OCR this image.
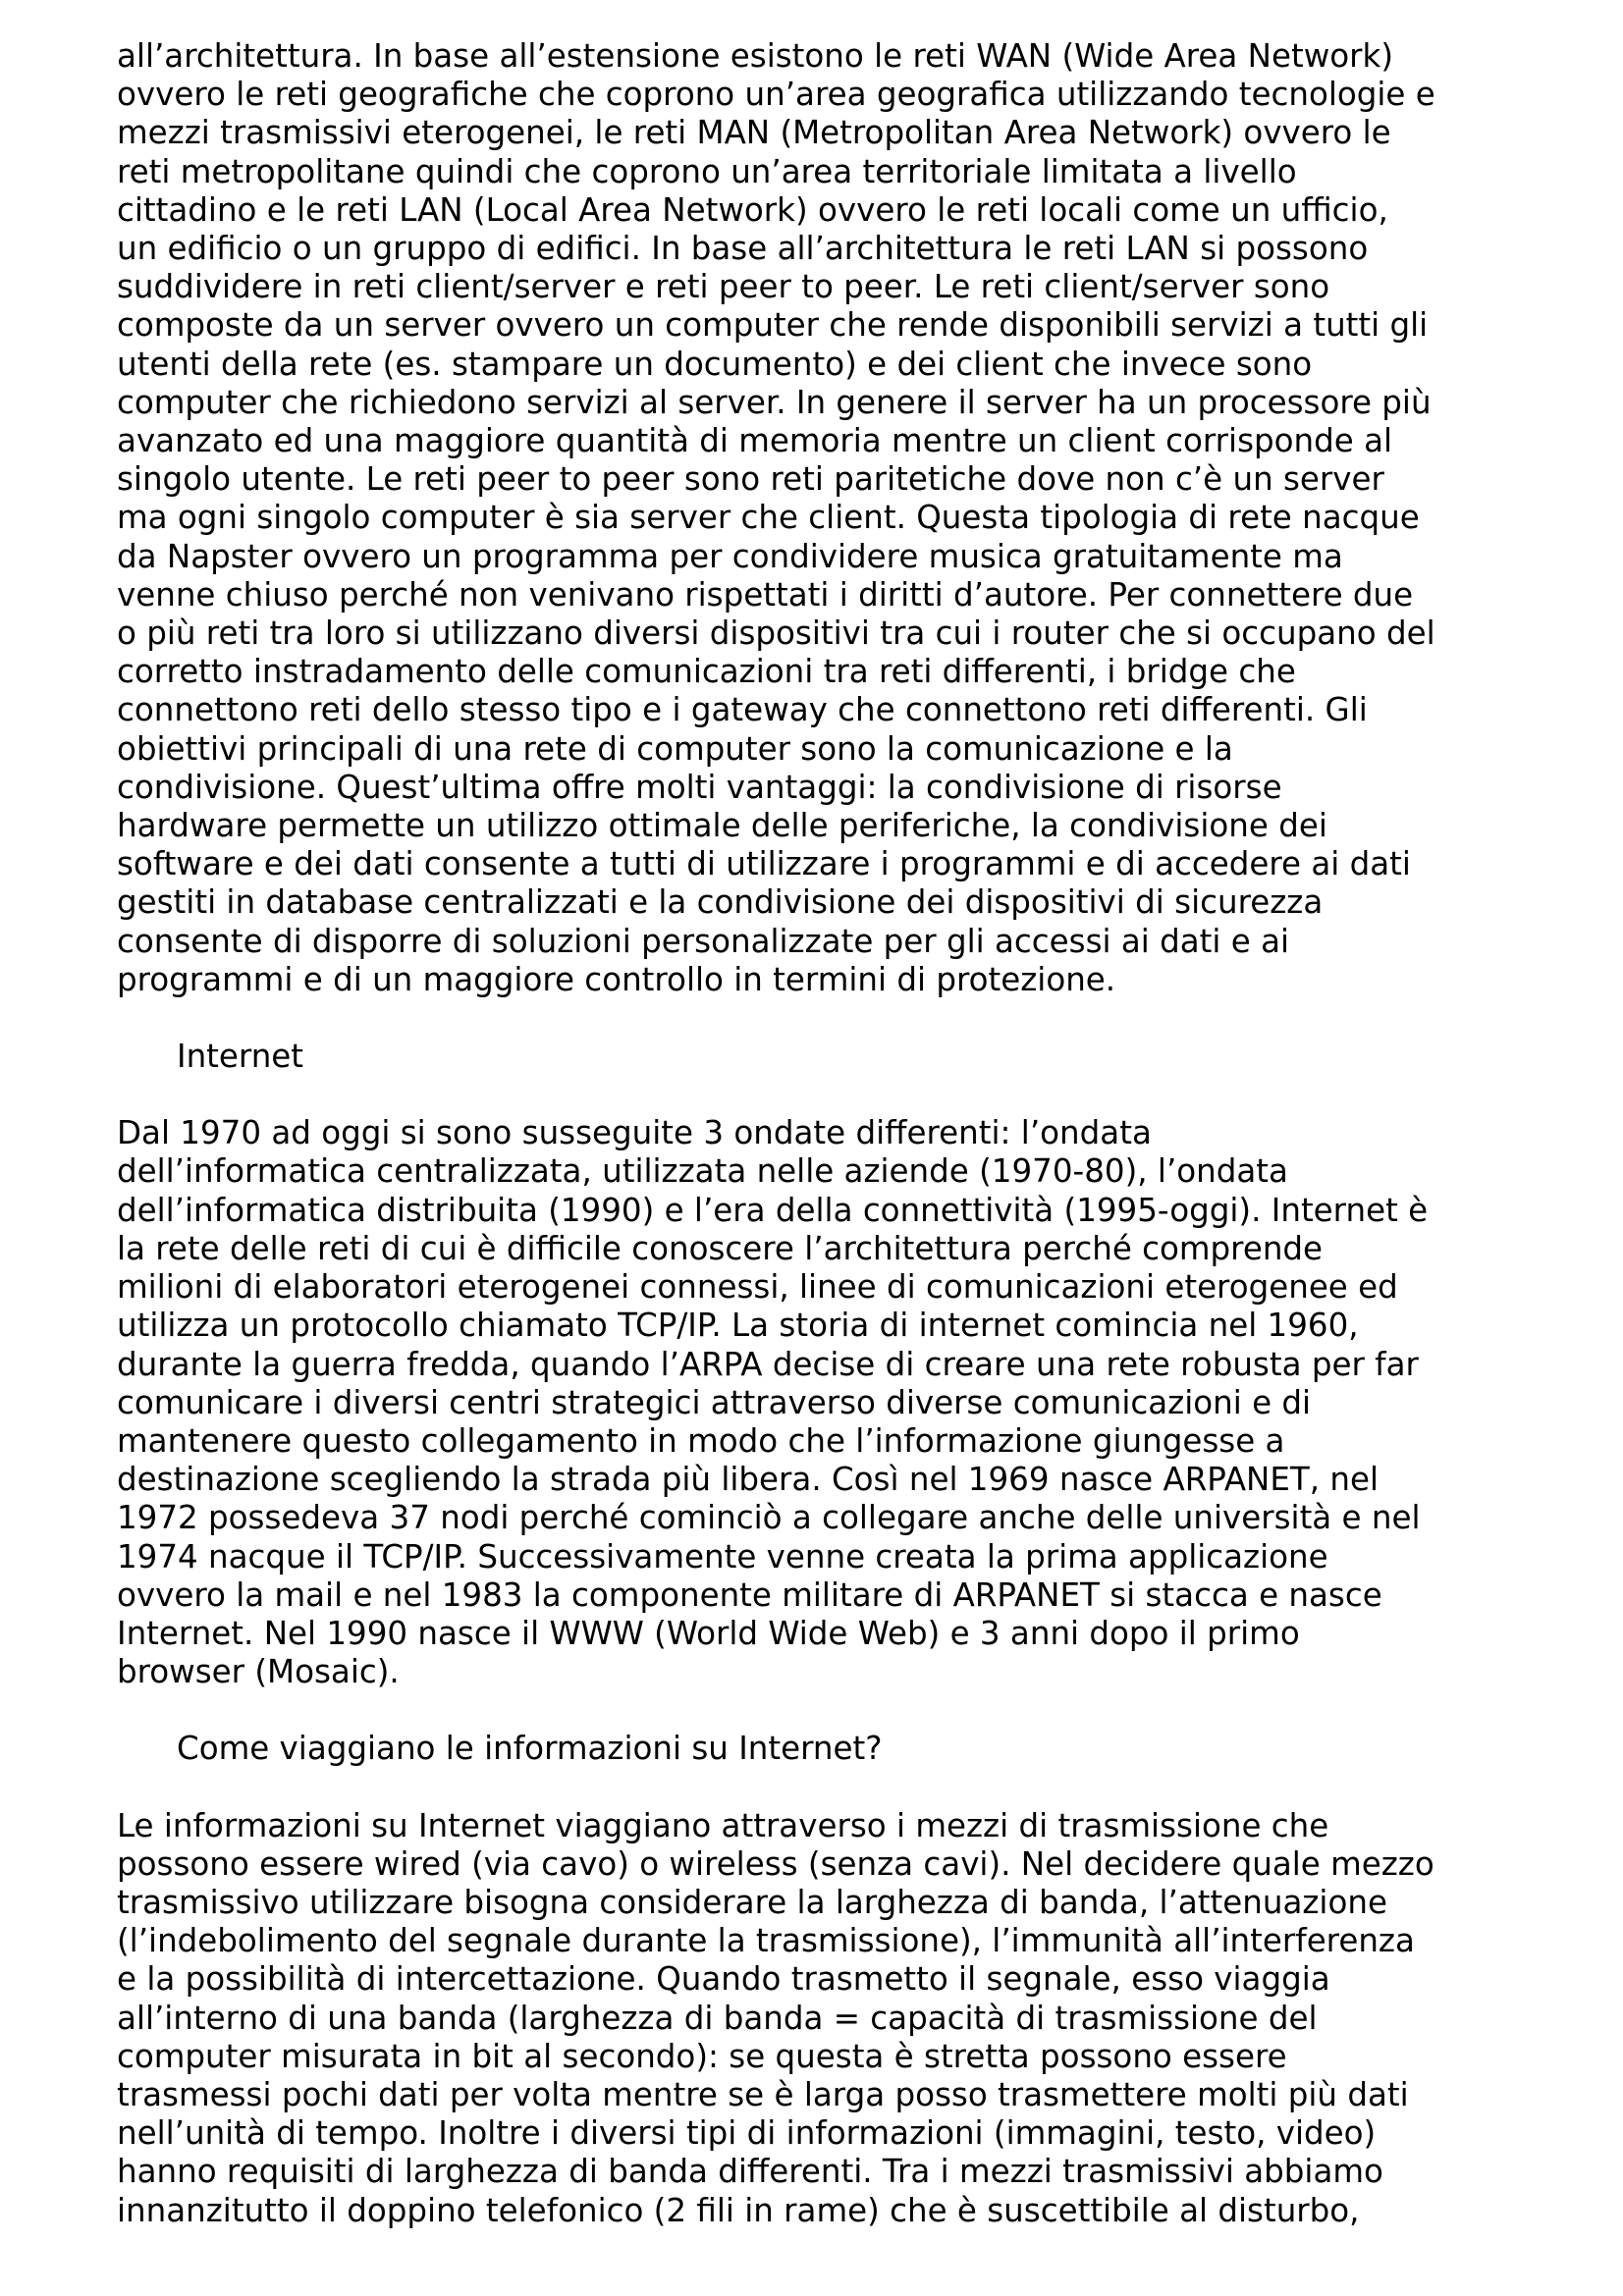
all’architettura. In base all’estensione esistono le reti WAN (Wide Area Network)
ovvero le reti geografiche che coprono un’area geografica utilizzando tecnologie e
mezzi trasmissivi eterogenei, le reti MAN (Metropolitan Area Network) ovvero le
reti metropolitane quindi che coprono un’area territoriale limitata a livello
cittadino e le reti LAN (Local Area Network) ovvero le reti locali come un ufficio,
un edificio o un gruppo di edifici. In base all’architettura le reti LAN si possono
suddividere in reti client/server e reti peer to peer. Le reti client/server sono
composte da un server ovvero un computer che rende disponibili servizi a tutti gli
utenti della rete (es. stampare un documento) e dei client che invece sono
computer che richiedono servizi al server. In genere il server ha un processore più
avanzato ed una maggiore quantità di memoria mentre un client corrisponde al
singolo utente. Le reti peer to peer sono reti paritetiche dove non c’è un server
ma ogni singolo computer è sia server che client. Questa tipologia di rete nacque
da Napster ovvero un programma per condividere musica gratuitamente ma
venne chiuso perché non venivano rispettati i diritti d’autore. Per connettere due
o più reti tra loro si utilizzano diversi dispositivi tra cui i router che si occupano del
corretto instradamento delle comunicazioni tra reti differenti, i bridge che
connettono reti dello stesso tipo e i gateway che connettono reti differenti. Gli
obiettivi principali di una rete di computer sono la comunicazione e la
condivisione. Quest’ultima offre molti vantaggi: la condivisione di risorse
hardware permette un utilizzo ottimale delle periferiche, la condivisione dei
software e dei dati consente a tutti di utilizzare i programmi e di accedere ai dati
gestiti in database centralizzati e la condivisione dei dispositivi di sicurezza
consente di disporre di soluzioni personalizzate per gli accessi ai dati e ai
programmi e di un maggiore controllo in termini di protezione.

Internet

Dal 1970 ad oggi si sono susseguite 3 ondate differenti: l’ondata
dell’informatica centralizzata, utilizzata nelle aziende (1970-80), l’ondata
dell’informatica distribuita (1990) e l’era della connettività (1995-oggi). Internet è
la rete delle reti di cui è difficile conoscere l’architettura perché comprende
milioni di elaboratori eterogenei connessi, linee di comunicazioni eterogenee ed
utilizza un protocollo chiamato TCP/IP. La storia di internet comincia nel 1960,
durante la guerra fredda, quando l’ARPA decise di creare una rete robusta per far
comunicare i diversi centri strategici attraverso diverse comunicazioni e di
mantenere questo collegamento in modo che l’informazione giungesse a
destinazione scegliendo la strada più libera. Così nel 1969 nasce ARPANET, nel
1972 possedeva 37 nodi perché cominciò a collegare anche delle università e nel
1974 nacque il TCP/IP. Successivamente venne creata la prima applicazione
ovvero la mail e nel 1983 la componente militare di ARPANET si stacca e nasce
Internet. Nel 1990 nasce il WWW (World Wide Web) e 3 anni dopo il primo
browser (Mosaic).

Come viaggiano le informazioni su Internet?

Le informazioni su Internet viaggiano attraverso i mezzi di trasmissione che
possono essere wired (via cavo) o wireless (senza cavi). Nel decidere quale mezzo
trasmissivo utilizzare bisogna considerare la larghezza di banda, l’attenuazione
(l’indebolimento del segnale durante la trasmissione), l’immunità all’interferenza
e la possibilità di intercettazione. Quando trasmetto il segnale, esso viaggia
all’interno di una banda (larghezza di banda = capacità di trasmissione del
computer misurata in bit al secondo): se questa è stretta possono essere
trasmessi pochi dati per volta mentre se è larga posso trasmettere molti più dati
nell’unità di tempo. Inoltre i diversi tipi di informazioni (immagini, testo, video)
hanno requisiti di larghezza di banda differenti. Tra i mezzi trasmissivi abbiamo
innanzitutto il doppino telefonico (2 fili in rame) che è suscettibile al disturbo,
